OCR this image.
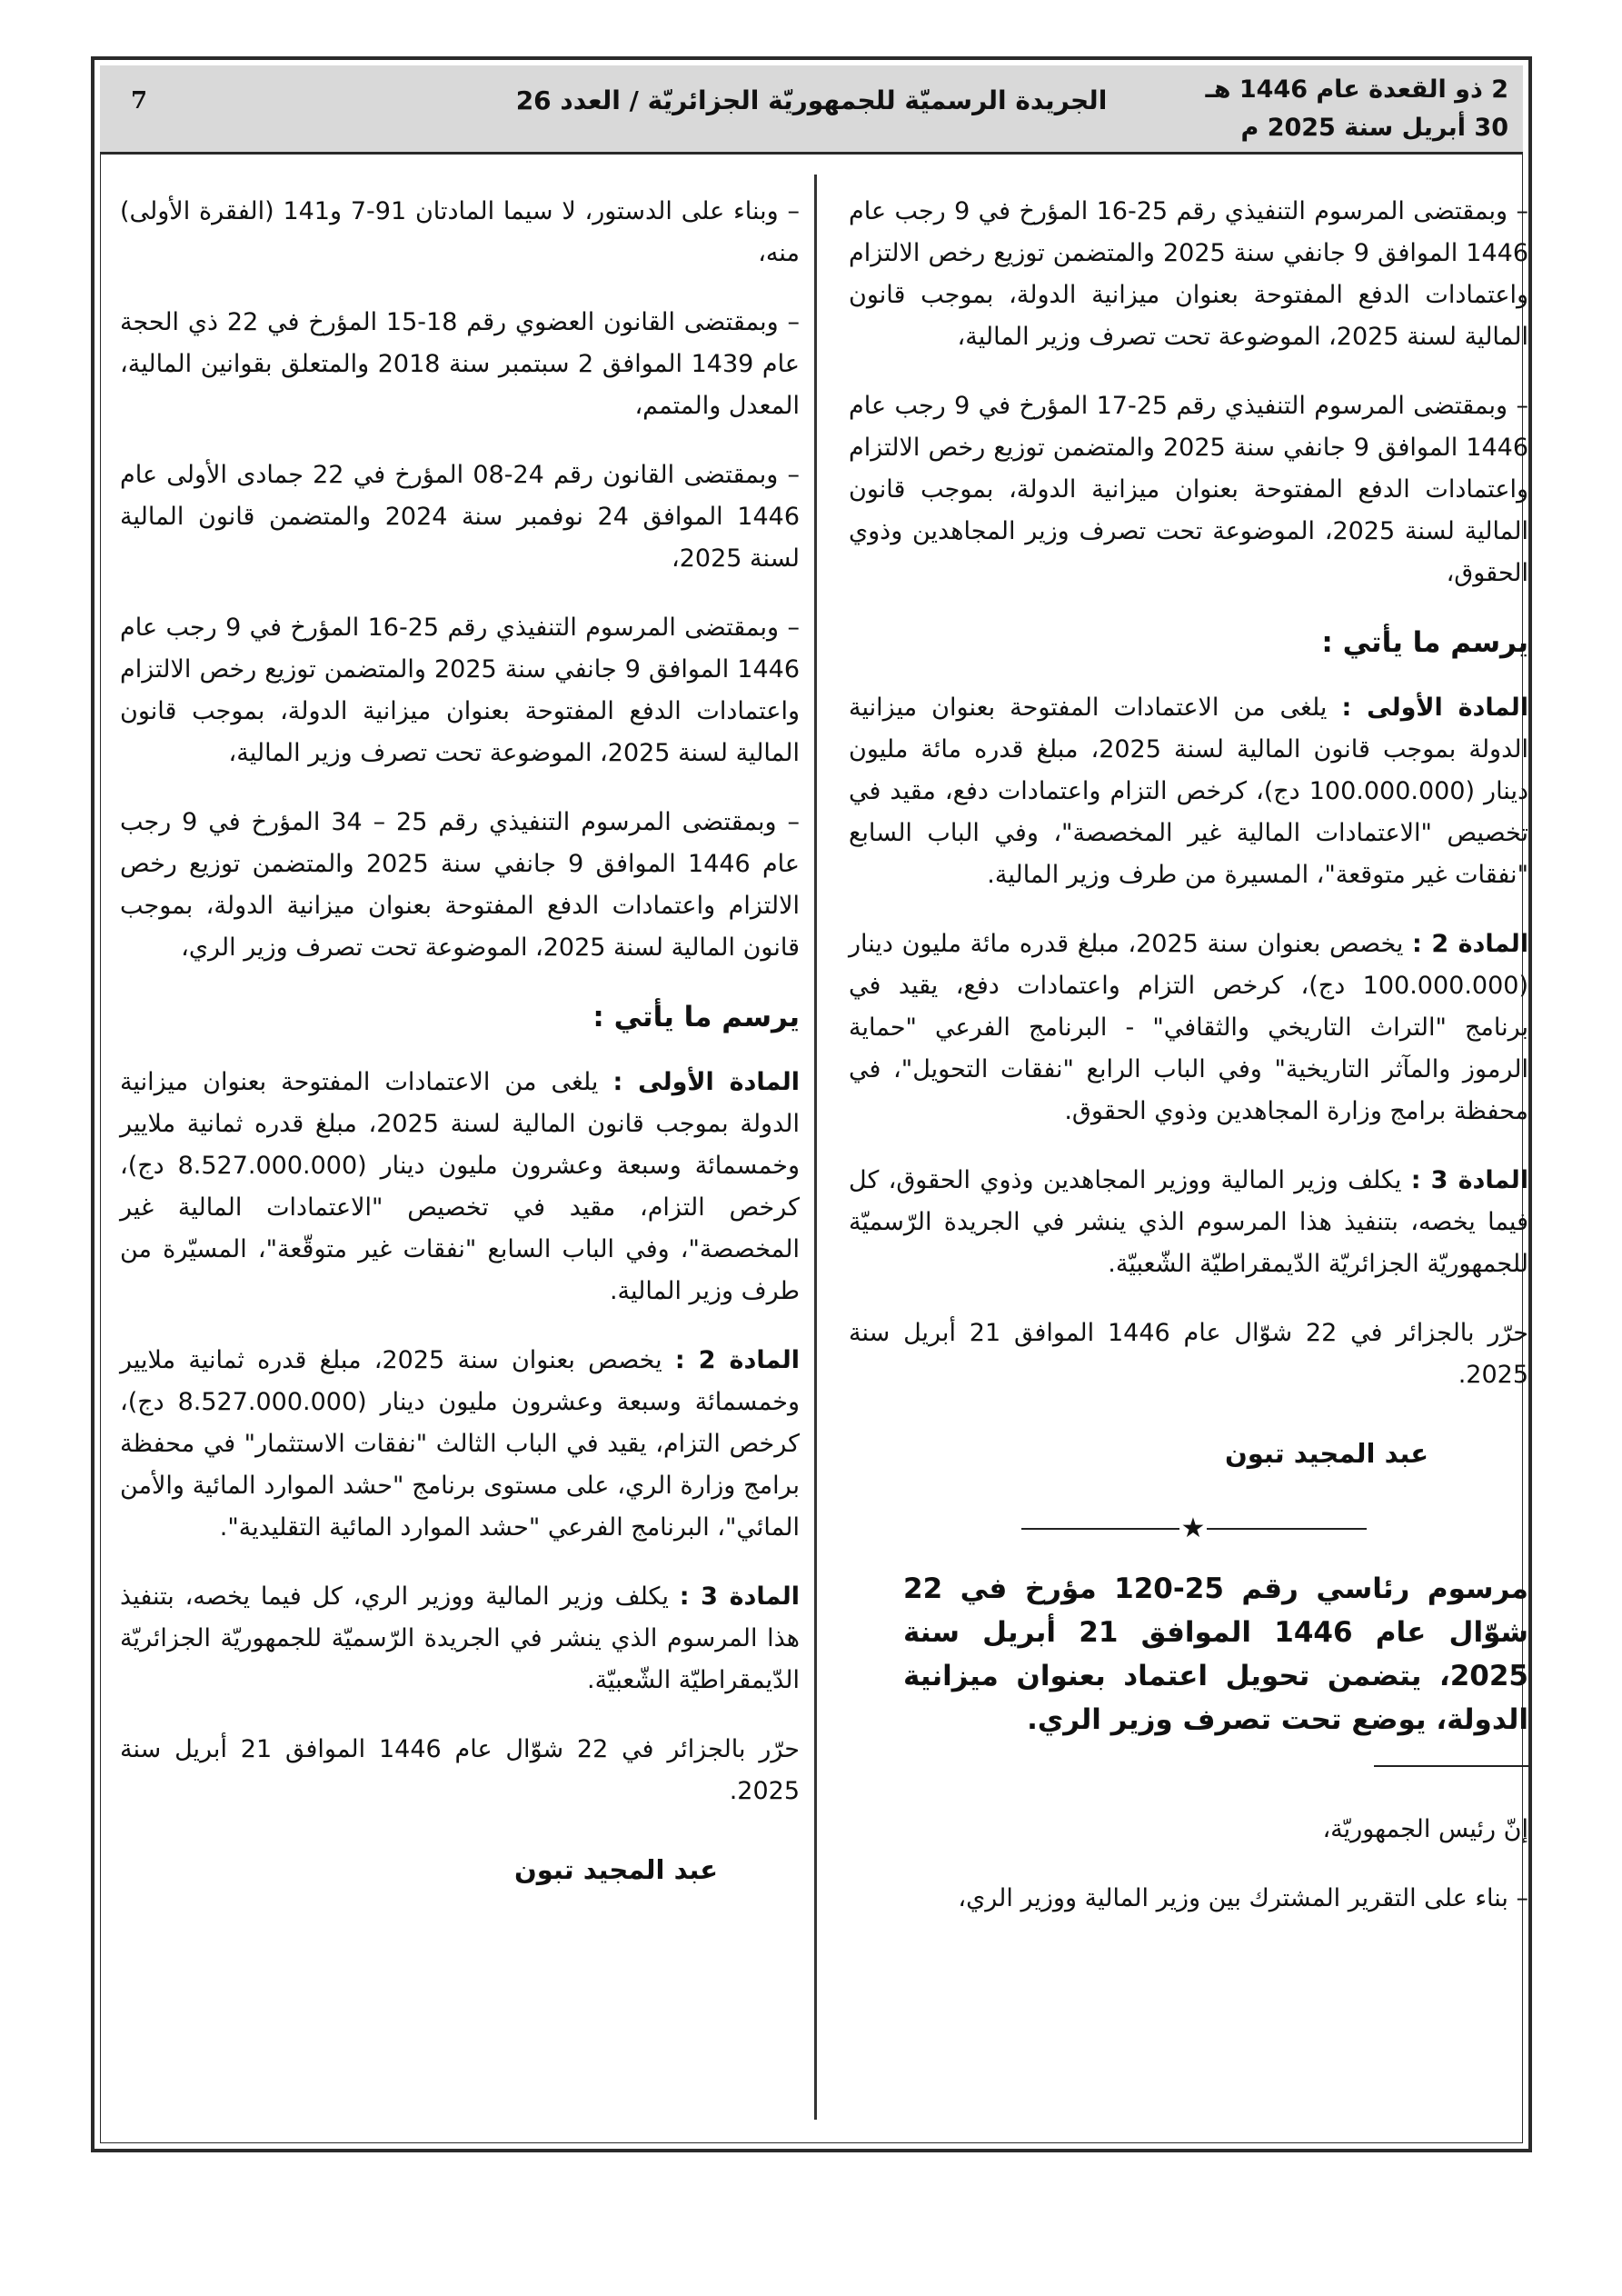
7	الجريدة الرسميّة للجمهوريّة الجزائريّة / العدد 26	2 ذو القعدة عام 1446 هـ
30 أبريل سنة 2025 م

– وبمقتضى المرسوم التنفيذي رقم 25-16 المؤرخ في 9 رجب عام 1446 الموافق 9 جانفي سنة 2025 والمتضمن توزيع رخص الالتزام واعتمادات الدفع المفتوحة بعنوان ميزانية الدولة، بموجب قانون المالية لسنة 2025، الموضوعة تحت تصرف وزير المالية،

– وبمقتضى المرسوم التنفيذي رقم 25-17 المؤرخ في 9 رجب عام 1446 الموافق 9 جانفي سنة 2025 والمتضمن توزيع رخص الالتزام واعتمادات الدفع المفتوحة بعنوان ميزانية الدولة، بموجب قانون المالية لسنة 2025، الموضوعة تحت تصرف وزير المجاهدين وذوي الحقوق،

يرسم ما يأتي :

المادة الأولى : يلغى من الاعتمادات المفتوحة بعنوان ميزانية الدولة بموجب قانون المالية لسنة 2025، مبلغ قدره مائة مليون دينار (100.000.000 دج)، كرخص التزام واعتمادات دفع، مقيد في تخصيص "الاعتمادات المالية غير المخصصة"، وفي الباب السابع "نفقات غير متوقعة"، المسيرة من طرف وزير المالية.

المادة 2 : يخصص بعنوان سنة 2025، مبلغ قدره مائة مليون دينار (100.000.000 دج)، كرخص التزام واعتمادات دفع، يقيد في برنامج "التراث التاريخي والثقافي" - البرنامج الفرعي "حماية الرموز والمآثر التاريخية" وفي الباب الرابع "نفقات التحويل"، في محفظة برامج وزارة المجاهدين وذوي الحقوق.

المادة 3 : يكلف وزير المالية ووزير المجاهدين وذوي الحقوق، كل فيما يخصه، بتنفيذ هذا المرسوم الذي ينشر في الجريدة الرّسميّة للجمهوريّة الجزائريّة الدّيمقراطيّة الشّعبيّة.

حرّر بالجزائر في 22 شوّال عام 1446 الموافق 21 أبريل سنة 2025.

عبد المجيد تبون
★
مرسوم رئاسي رقم 25-120 مؤرخ في 22 شوّال عام 1446 الموافق 21 أبريل سنة 2025، يتضمن تحويل اعتماد بعنوان ميزانية الدولة، يوضع تحت تصرف وزير الري.

إنّ رئيس الجمهوريّة،

– بناء على التقرير المشترك بين وزير المالية ووزير الري،

– وبناء على الدستور، لا سيما المادتان 91-7 و141 (الفقرة الأولى) منه،

– وبمقتضى القانون العضوي رقم 18-15 المؤرخ في 22 ذي الحجة عام 1439 الموافق 2 سبتمبر سنة 2018 والمتعلق بقوانين المالية، المعدل والمتمم،

– وبمقتضى القانون رقم 24-08 المؤرخ في 22 جمادى الأولى عام 1446 الموافق 24 نوفمبر سنة 2024 والمتضمن قانون المالية لسنة 2025،

– وبمقتضى المرسوم التنفيذي رقم 25-16 المؤرخ في 9 رجب عام 1446 الموافق 9 جانفي سنة 2025 والمتضمن توزيع رخص الالتزام واعتمادات الدفع المفتوحة بعنوان ميزانية الدولة، بموجب قانون المالية لسنة 2025، الموضوعة تحت تصرف وزير المالية،

– وبمقتضى المرسوم التنفيذي رقم 25 – 34 المؤرخ في 9 رجب عام 1446 الموافق 9 جانفي سنة 2025 والمتضمن توزيع رخص الالتزام واعتمادات الدفع المفتوحة بعنوان ميزانية الدولة، بموجب قانون المالية لسنة 2025، الموضوعة تحت تصرف وزير الري،

يرسم ما يأتي :

المادة الأولى : يلغى من الاعتمادات المفتوحة بعنوان ميزانية الدولة بموجب قانون المالية لسنة 2025، مبلغ قدره ثمانية ملايير وخمسمائة وسبعة وعشرون مليون دينار (8.527.000.000 دج)، كرخص التزام، مقيد في تخصيص "الاعتمادات المالية غير المخصصة"، وفي الباب السابع "نفقات غير متوقّعة"، المسيّرة من طرف وزير المالية.

المادة 2 : يخصص بعنوان سنة 2025، مبلغ قدره ثمانية ملايير وخمسمائة وسبعة وعشرون مليون دينار (8.527.000.000 دج)، كرخص التزام، يقيد في الباب الثالث "نفقات الاستثمار" في محفظة برامج وزارة الري، على مستوى برنامج "حشد الموارد المائية والأمن المائي"، البرنامج الفرعي "حشد الموارد المائية التقليدية".

المادة 3 : يكلف وزير المالية ووزير الري، كل فيما يخصه، بتنفيذ هذا المرسوم الذي ينشر في الجريدة الرّسميّة للجمهوريّة الجزائريّة الدّيمقراطيّة الشّعبيّة.

حرّر بالجزائر في 22 شوّال عام 1446 الموافق 21 أبريل سنة 2025.

عبد المجيد تبون
